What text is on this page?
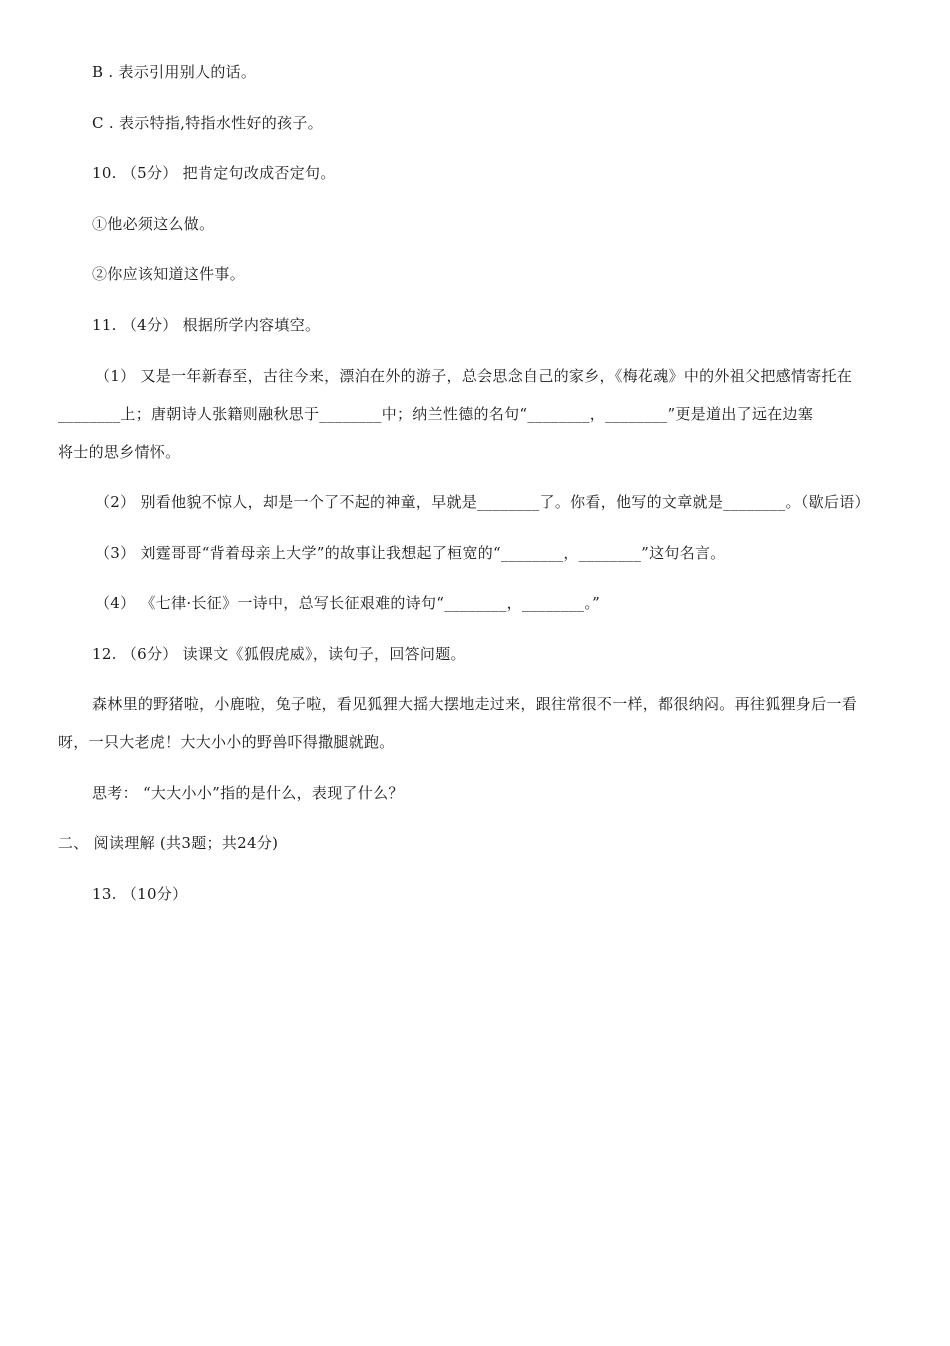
B . 表示引用别人的话。
C . 表示特指,特指水性好的孩子。
10. （5分） 把肯定句改成否定句。
①他必须这么做。
②你应该知道这件事。
11. （4分） 根据所学内容填空。
（1） 又是一年新春至，古往今来，漂泊在外的游子，总会思念自己的家乡，《梅花魂》中的外祖父把感情寄托在
________上；唐朝诗人张籍则融秋思于________中；纳兰性德的名句“________，________”更是道出了远在边塞
将士的思乡情怀。
（2） 别看他貌不惊人，却是一个了不起的神童，早就是________了。你看，他写的文章就是________。（歇后语）
（3） 刘霆哥哥“背着母亲上大学”的故事让我想起了桓宽的“________，________”这句名言。
（4） 《七律·长征》一诗中，总写长征艰难的诗句“________，________。”
12. （6分） 读课文《狐假虎威》，读句子，回答问题。
森林里的野猪啦，小鹿啦，兔子啦，看见狐狸大摇大摆地走过来，跟往常很不一样，都很纳闷。再往狐狸身后一看
呀，一只大老虎！大大小小的野兽吓得撒腿就跑。
思考： “大大小小”指的是什么，表现了什么？
二、 阅读理解 (共3题；共24分)
13. （10分）
